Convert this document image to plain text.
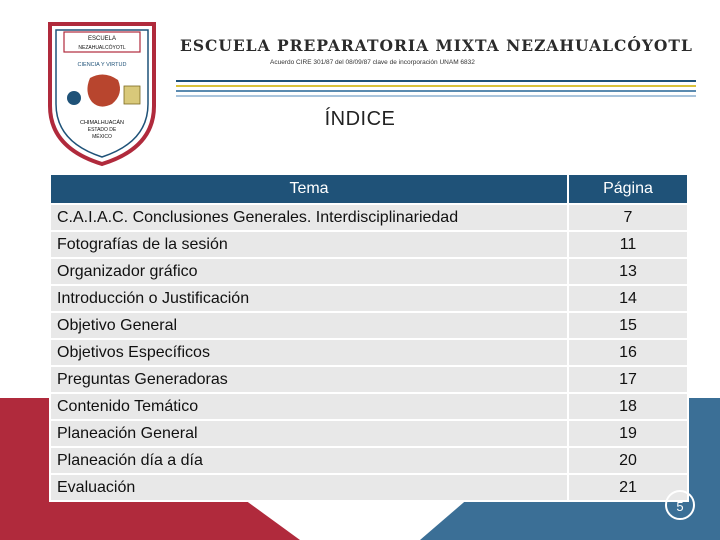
ESCUELA
NEZAHUALCÓYOTL
CIENCIA Y VIRTUD
CHIMALHUACÁN
ESTADO DE
MÉXICO
ESCUELA PREPARATORIA MIXTA NEZAHUALCÓYOTL
Acuerdo CIRE 301/87 del 08/09/87 clave de incorporación UNAM 6832
ÍNDICE
Tema	Página
C.A.I.A.C. Conclusiones Generales. Interdisciplinariedad	7
Fotografías de la sesión	11
Organizador gráfico	13
Introducción o Justificación	14
Objetivo General	15
Objetivos Específicos	16
Preguntas Generadoras	17
Contenido Temático	18
Planeación General	19
Planeación día a día	20
Evaluación	21
5
